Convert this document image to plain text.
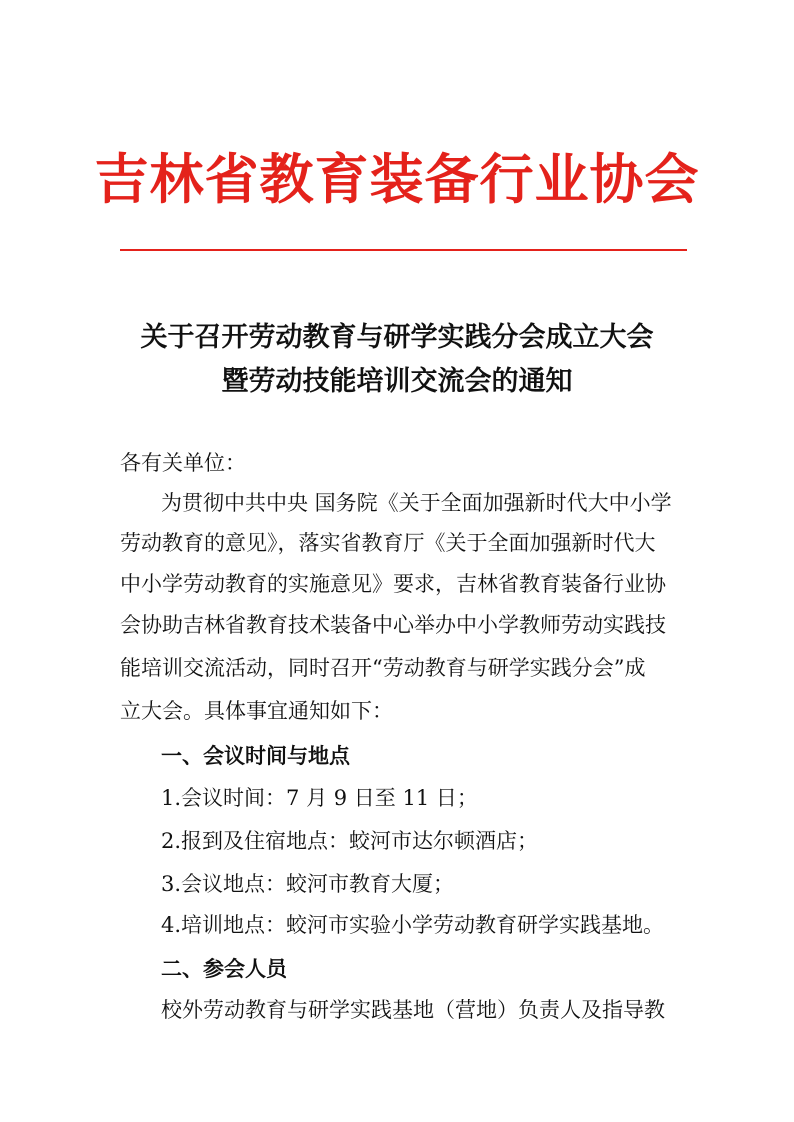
吉林省教育装备行业协会
关于召开劳动教育与研学实践分会成立大会
暨劳动技能培训交流会的通知
各有关单位：
为贯彻中共中央 国务院《关于全面加强新时代大中小学
劳动教育的意见》，落实省教育厅《关于全面加强新时代大
中小学劳动教育的实施意见》要求，吉林省教育装备行业协
会协助吉林省教育技术装备中心举办中小学教师劳动实践技
能培训交流活动，同时召开“劳动教育与研学实践分会”成
立大会。具体事宜通知如下：
一、会议时间与地点
1.会议时间：7 月 9 日至 11 日；
2.报到及住宿地点：蛟河市达尔顿酒店；
3.会议地点：蛟河市教育大厦；
4.培训地点：蛟河市实验小学劳动教育研学实践基地。
二、参会人员
校外劳动教育与研学实践基地（营地）负责人及指导教
